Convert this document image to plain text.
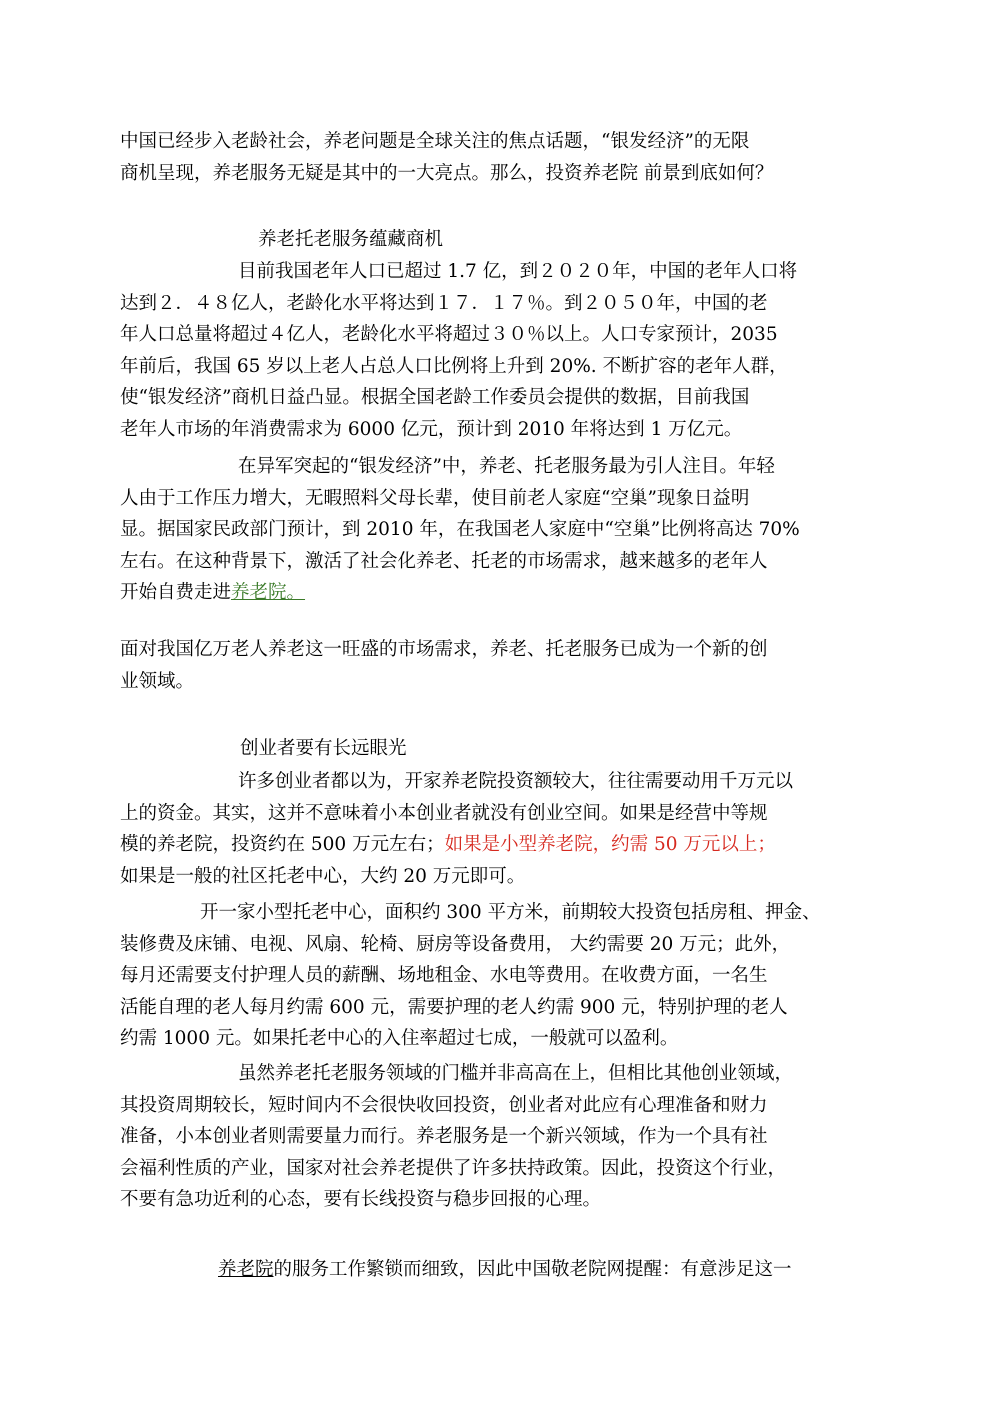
中国已经步入老龄社会，养老问题是全球关注的焦点话题，“银发经济”的无限
商机呈现，养老服务无疑是其中的一大亮点。那么，投资养老院 前景到底如何？
养老托老服务蕴藏商机
目前我国老年人口已超过 1.7 亿，到２０２０年，中国的老年人口将
达到２．４８亿人，老龄化水平将达到１７．１７％。到２０５０年，中国的老
年人口总量将超过４亿人，老龄化水平将超过３０％以上。人口专家预计，2035
年前后，我国 65 岁以上老人占总人口比例将上升到 20%. 不断扩容的老年人群，
使“银发经济”商机日益凸显。根据全国老龄工作委员会提供的数据，目前我国
老年人市场的年消费需求为 6000 亿元，预计到 2010 年将达到 1 万亿元。
在异军突起的“银发经济”中，养老、托老服务最为引人注目。年轻
人由于工作压力增大，无暇照料父母长辈，使目前老人家庭“空巢”现象日益明
显。据国家民政部门预计，到 2010 年，在我国老人家庭中“空巢”比例将高达 70%
左右。在这种背景下，激活了社会化养老、托老的市场需求，越来越多的老年人
开始自费走进养老院。
面对我国亿万老人养老这一旺盛的市场需求，养老、托老服务已成为一个新的创
业领域。
创业者要有长远眼光
许多创业者都以为，开家养老院投资额较大，往往需要动用千万元以
上的资金。其实，这并不意味着小本创业者就没有创业空间。如果是经营中等规
模的养老院，投资约在 500 万元左右；如果是小型养老院，约需 50 万元以上；
如果是一般的社区托老中心，大约 20 万元即可。
开一家小型托老中心，面积约 300 平方米，前期较大投资包括房租、押金、
装修费及床铺、电视、风扇、轮椅、厨房等设备费用， 大约需要 20 万元；此外，
每月还需要支付护理人员的薪酬、场地租金、水电等费用。在收费方面，一名生
活能自理的老人每月约需 600 元，需要护理的老人约需 900 元，特别护理的老人
约需 1000 元。如果托老中心的入住率超过七成，一般就可以盈利。
虽然养老托老服务领域的门槛并非高高在上，但相比其他创业领域，
其投资周期较长，短时间内不会很快收回投资，创业者对此应有心理准备和财力
准备，小本创业者则需要量力而行。养老服务是一个新兴领域，作为一个具有社
会福利性质的产业，国家对社会养老提供了许多扶持政策。因此，投资这个行业，
不要有急功近利的心态，要有长线投资与稳步回报的心理。
养老院的服务工作繁锁而细致，因此中国敬老院网提醒：有意涉足这一
